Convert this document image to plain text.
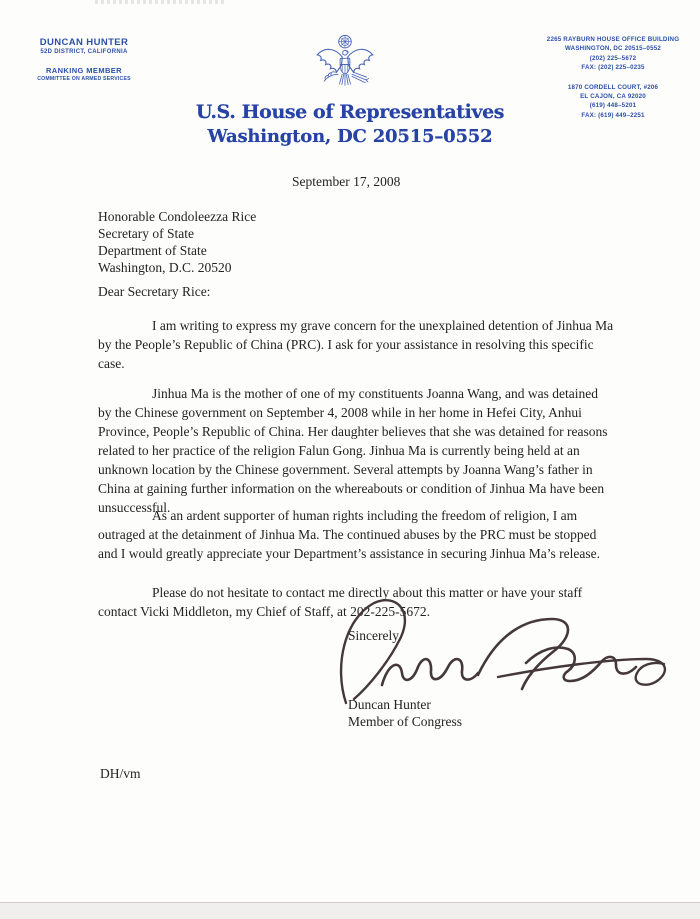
DUNCAN HUNTER
52D DISTRICT, CALIFORNIA
RANKING MEMBER
COMMITTEE ON ARMED SERVICES
2265 RAYBURN HOUSE OFFICE BUILDING
WASHINGTON, DC 20515–0552
(202) 225–5672
FAX: (202) 225–0235
1870 CORDELL COURT, #206
EL CAJON, CA 92020
(619) 448–5201
FAX: (619) 449–2251
U.S. House of Representatives
Washington, DC 20515–0552
September 17, 2008
Honorable Condoleezza Rice
Secretary of State
Department of State
Washington, D.C. 20520
Dear Secretary Rice:
I am writing to express my grave concern for the unexplained detention of Jinhua Ma by the People’s Republic of China (PRC). I ask for your assistance in resolving this specific case.
Jinhua Ma is the mother of one of my constituents Joanna Wang, and was detained by the Chinese government on September 4, 2008 while in her home in Hefei City, Anhui Province, People’s Republic of China. Her daughter believes that she was detained for reasons related to her practice of the religion Falun Gong. Jinhua Ma is currently being held at an unknown location by the Chinese government. Several attempts by Joanna Wang’s father in China at gaining further information on the whereabouts or condition of Jinhua Ma have been unsuccessful.
As an ardent supporter of human rights including the freedom of religion, I am outraged at the detainment of Jinhua Ma. The continued abuses by the PRC must be stopped and I would greatly appreciate your Department’s assistance in securing Jinhua Ma’s release.
Please do not hesitate to contact me directly about this matter or have your staff contact Vicki Middleton, my Chief of Staff, at 202-225-5672.
Sincerely,
Duncan Hunter
Member of Congress
DH/vm
